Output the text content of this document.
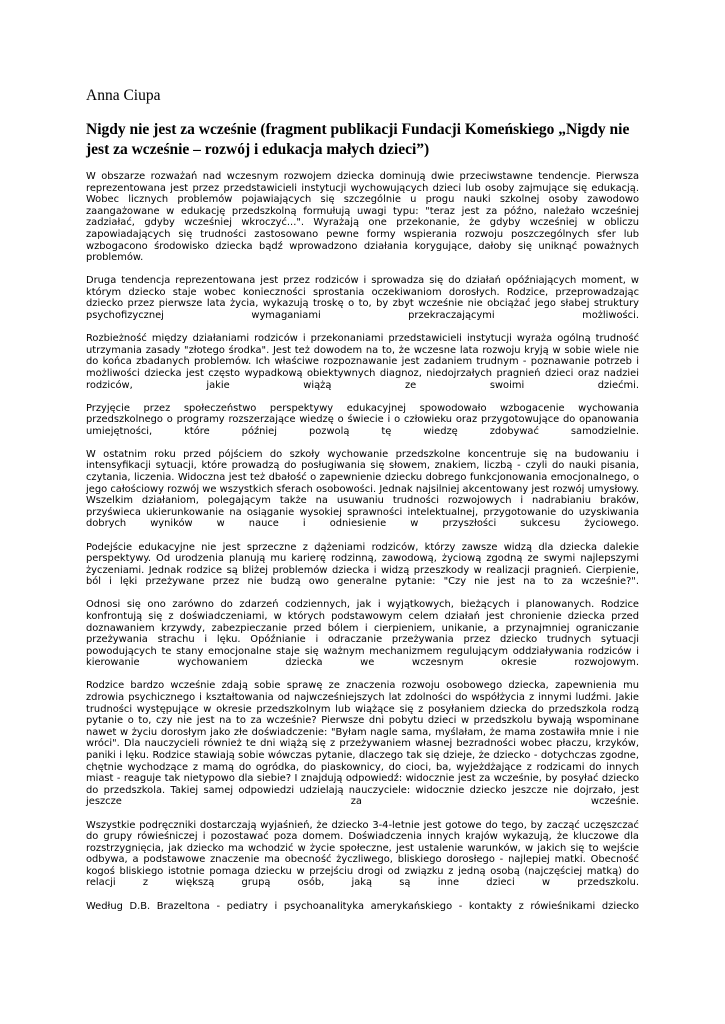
Anna Ciupa
Nigdy nie jest za wcześnie (fragment publikacji Fundacji Komeńskiego „Nigdy nie jest za wcześnie – rozwój i edukacja małych dzieci”)

W obszarze rozważań nad wczesnym rozwojem dziecka dominują dwie przeciwstawne tendencje. Pierwsza reprezentowana jest przez przedstawicieli instytucji wychowujących dzieci lub osoby zajmujące się edukacją. Wobec licznych problemów pojawiających się szczególnie u progu nauki szkolnej osoby zawodowo zaangażowane w edukację przedszkolną formułują uwagi typu: "teraz jest za późno, należało wcześniej zadziałać, gdyby wcześniej wkroczyć...". Wyrażają one przekonanie, że gdyby wcześniej w obliczu zapowiadających się trudności zastosowano pewne formy wspierania rozwoju poszczególnych sfer lub wzbogacono środowisko dziecka bądź wprowadzono działania korygujące, dałoby się uniknąć poważnych problemów.

Druga tendencja reprezentowana jest przez rodziców i sprowadza się do działań opóźniających moment, w którym dziecko staje wobec konieczności sprostania oczekiwaniom dorosłych. Rodzice, przeprowadzając dziecko przez pierwsze lata życia, wykazują troskę o to, by zbyt wcześnie nie obciążać jego słabej struktury psychofizycznej wymaganiami przekraczającymi możliwości.

Rozbieżność między działaniami rodziców i przekonaniami przedstawicieli instytucji wyraża ogólną trudność utrzymania zasady "złotego środka". Jest też dowodem na to, że wczesne lata rozwoju kryją w sobie wiele nie do końca zbadanych problemów. Ich właściwe rozpoznawanie jest zadaniem trudnym - poznawanie potrzeb i możliwości dziecka jest często wypadkową obiektywnych diagnoz, niedojrzałych pragnień dzieci oraz nadziei rodziców, jakie wiążą ze swoimi dziećmi.

Przyjęcie przez społeczeństwo perspektywy edukacyjnej spowodowało wzbogacenie wychowania przedszkolnego o programy rozszerzające wiedzę o świecie i o człowieku oraz przygotowujące do opanowania umiejętności, które później pozwolą tę wiedzę zdobywać samodzielnie.

W ostatnim roku przed pójściem do szkoły wychowanie przedszkolne koncentruje się na budowaniu i intensyfikacji sytuacji, które prowadzą do posługiwania się słowem, znakiem, liczbą - czyli do nauki pisania, czytania, liczenia. Widoczna jest też dbałość o zapewnienie dziecku dobrego funkcjonowania emocjonalnego, o jego całościowy rozwój we wszystkich sferach osobowości. Jednak najsilniej akcentowany jest rozwój umysłowy. Wszelkim działaniom, polegającym także na usuwaniu trudności rozwojowych i nadrabianiu braków, przyświeca ukierunkowanie na osiąganie wysokiej sprawności intelektualnej, przygotowanie do uzyskiwania dobrych wyników w nauce i odniesienie w przyszłości sukcesu życiowego.

Podejście edukacyjne nie jest sprzeczne z dążeniami rodziców, którzy zawsze widzą dla dziecka dalekie perspektywy. Od urodzenia planują mu karierę rodzinną, zawodową, życiową zgodną ze swymi najlepszymi życzeniami. Jednak rodzice są bliżej problemów dziecka i widzą przeszkody w realizacji pragnień. Cierpienie, ból i lęki przeżywane przez nie budzą owo generalne pytanie: "Czy nie jest na to za wcześnie?".

Odnosi się ono zarówno do zdarzeń codziennych, jak i wyjątkowych, bieżących i planowanych. Rodzice konfrontują się z doświadczeniami, w których podstawowym celem działań jest chronienie dziecka przed doznawaniem krzywdy, zabezpieczanie przed bólem i cierpieniem, unikanie, a przynajmniej ograniczanie przeżywania strachu i lęku. Opóźnianie i odraczanie przeżywania przez dziecko trudnych sytuacji powodujących te stany emocjonalne staje się ważnym mechanizmem regulującym oddziaływania rodziców i kierowanie wychowaniem dziecka we wczesnym okresie rozwojowym.

Rodzice bardzo wcześnie zdają sobie sprawę ze znaczenia rozwoju osobowego dziecka, zapewnienia mu zdrowia psychicznego i kształtowania od najwcześniejszych lat zdolności do współżycia z innymi ludźmi. Jakie trudności występujące w okresie przedszkolnym lub wiążące się z posyłaniem dziecka do przedszkola rodzą pytanie o to, czy nie jest na to za wcześnie? Pierwsze dni pobytu dzieci w przedszkolu bywają wspominane nawet w życiu dorosłym jako złe doświadczenie: "Byłam nagle sama, myślałam, że mama zostawiła mnie i nie wróci". Dla nauczycieli również te dni wiążą się z przeżywaniem własnej bezradności wobec płaczu, krzyków, paniki i lęku. Rodzice stawiają sobie wówczas pytanie, dlaczego tak się dzieje, że dziecko - dotychczas zgodne, chętnie wychodzące z mamą do ogródka, do piaskownicy, do cioci, ba, wyjeżdżające z rodzicami do innych miast - reaguje tak nietypowo dla siebie? I znajdują odpowiedź: widocznie jest za wcześnie, by posyłać dziecko do przedszkola. Takiej samej odpowiedzi udzielają nauczyciele: widocznie dziecko jeszcze nie dojrzało, jest jeszcze za wcześnie.

Wszystkie podręczniki dostarczają wyjaśnień, że dziecko 3-4-letnie jest gotowe do tego, by zacząć uczęszczać do grupy rówieśniczej i pozostawać poza domem. Doświadczenia innych krajów wykazują, że kluczowe dla rozstrzygnięcia, jak dziecko ma wchodzić w życie społeczne, jest ustalenie warunków, w jakich się to wejście odbywa, a podstawowe znaczenie ma obecność życzliwego, bliskiego dorosłego - najlepiej matki. Obecność kogoś bliskiego istotnie pomaga dziecku w przejściu drogi od związku z jedną osobą (najczęściej matką) do relacji z większą grupą osób, jaką są inne dzieci w przedszkolu.

Według D.B. Brazeltona - pediatry i psychoanalityka amerykańskiego - kontakty z rówieśnikami dziecko
